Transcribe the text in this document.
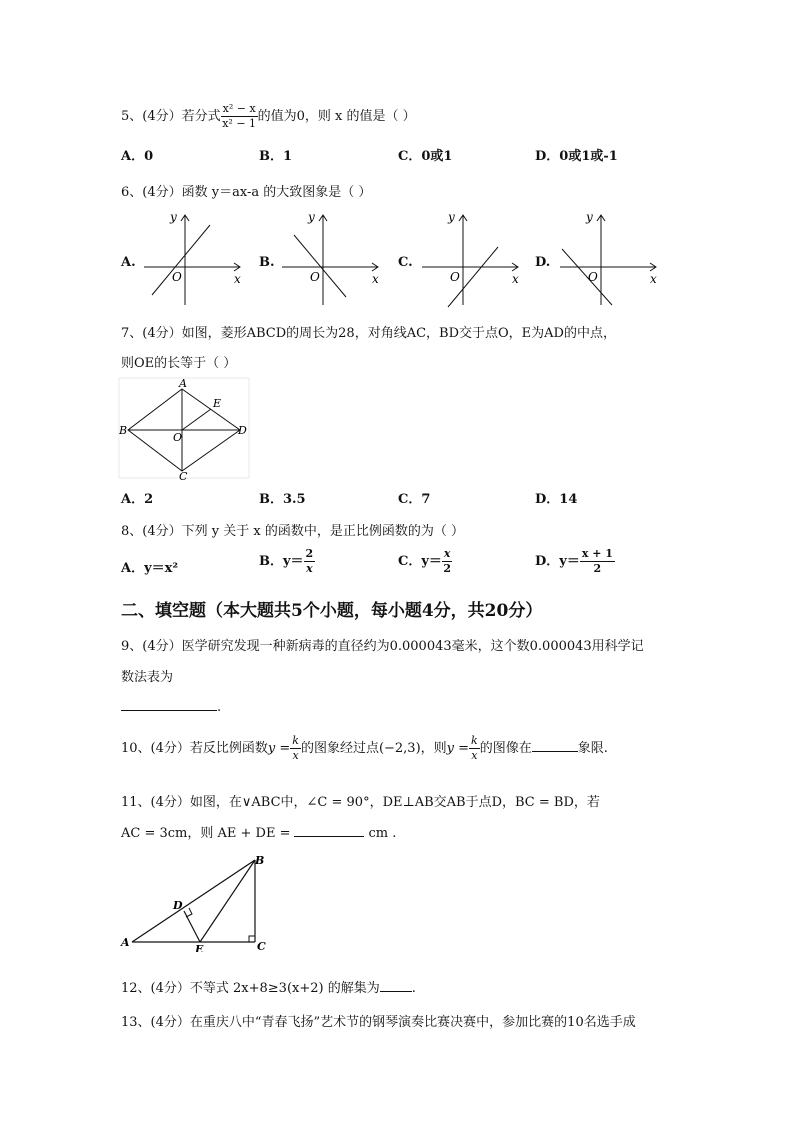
5、(4分）若分式 $\frac{\text{x² − x}}{\text{x² − 1}}$ 的值为0，则 x 的值是（ ）
A．0	B．1	C．0或1	D．0或1或-1
6、(4分）函数 y＝ax-a 的大致图象是（ ）
A.	B.	C.	D.
y
x
O
y
x
O
y
x
O
y
x
O
7、(4分）如图，菱形ABCD的周长为28，对角线AC，BD交于点O，E为AD的中点，
则OE的长等于（ ）
A
B
C
D
E
O
A．2	B．3.5	C．7	D．14
8、(4分）下列 y 关于 x 的函数中，是正比例函数的为（ ）
A．y＝x²	B．$y= \frac{2}{x}$	C．$y= \frac{x}{2}$	D．$y= \frac{x + 1}{2}$
二、填空题（本大题共5个小题，每小题4分，共20分）
9、(4分）医学研究发现一种新病毒的直径约为0.000043毫米，这个数0.000043用科学记
数法表为
.
10、(4分）若反比例函数$y = \frac{k}{x}$ 的图象经过点(−2,3)，则$y = \frac{k}{x}$ 的图像在	象限.
11、(4分）如图，在∨ABC中，∠C = 90°，DE⊥AB交AB于点D，BC = BD，若
AC = 3cm，则 AE + DE =	cm .
A
B
C
D
E
12、(4分）不等式 2x+8≥3(x+2) 的解集为 .
13、(4分）在重庆八中“青春飞扬”艺术节的钢琴演奏比赛决赛中，参加比赛的10名选手成
